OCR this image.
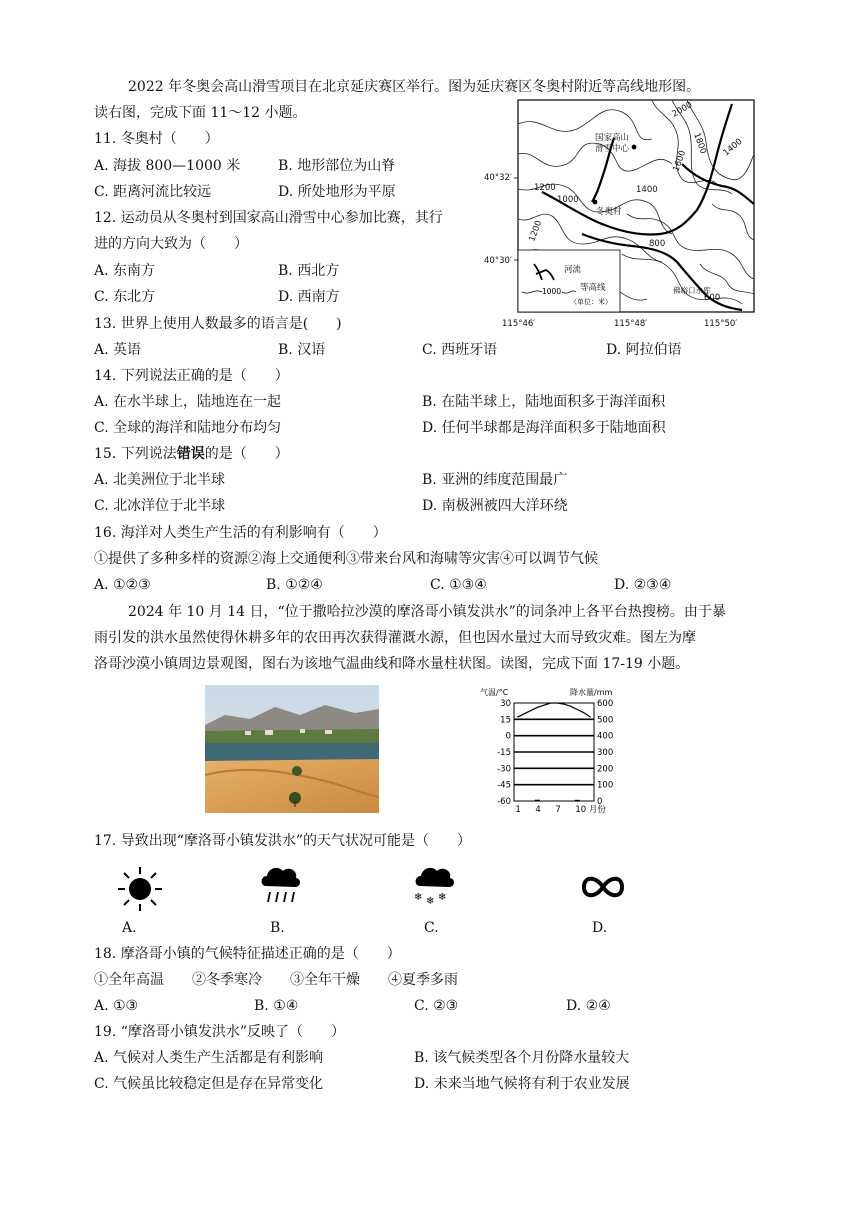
2022 年冬奥会高山滑雪项目在北京延庆赛区举行。图为延庆赛区冬奥村附近等高线地形图。
读右图，完成下面 11～12 小题。
11. 冬奥村（　　）
A. 海拔 800—1000 米	B. 地形部位为山脊
C. 距离河流比较远	D. 所处地形为平原
12. 运动员从冬奥村到国家高山滑雪中心参加比赛，其行
进的方向大致为（　　）
A. 东南方	B. 西北方
C. 东北方	D. 西南方
国家高山
滑雪中心
冬奥村
2000
1800
1600
1400
1200
1000
1200
1400
800
600
佛峪口水库
河流
1000 等高线
（单位：米）
40°32′
40°30′
115°46′	115°48′	115°50′
13. 世界上使用人数最多的语言是(　　)
A. 英语	B. 汉语	C. 西班牙语	D. 阿拉伯语
14. 下列说法正确的是（　　）
A. 在水半球上，陆地连在一起	B. 在陆半球上，陆地面积多于海洋面积
C. 全球的海洋和陆地分布均匀	D. 任何半球都是海洋面积多于陆地面积
15. 下列说法错误的是（　　）
A. 北美洲位于北半球	B. 亚洲的纬度范围最广
C. 北冰洋位于北半球	D. 南极洲被四大洋环绕
16. 海洋对人类生产生活的有利影响有（　　）
①提供了多种多样的资源②海上交通便利③带来台风和海啸等灾害④可以调节气候
A. ①②③	B. ①②④	C. ①③④	D. ②③④
2024 年 10 月 14 日，“位于撒哈拉沙漠的摩洛哥小镇发洪水”的词条冲上各平台热搜榜。由于暴
雨引发的洪水虽然使得休耕多年的农田再次获得灌溉水源，但也因水量过大而导致灾难。图左为摩
洛哥沙漠小镇周边景观图，图右为该地气温曲线和降水量柱状图。读图，完成下面 17-19 小题。
气温/°C	降水量/mm
30	600
15	500
0	400
-15	300
-30	200
-45	100
-60	0
1 4 7 10 月份
17. 导致出现“摩洛哥小镇发洪水”的天气状况可能是（　　）
❄ ❄ ❄
A.	B.	C.	D.
18. 摩洛哥小镇的气候特征描述正确的是（　　）
①全年高温　　②冬季寒冷　　③全年干燥　　④夏季多雨
A. ①③	B. ①④	C. ②③	D. ②④
19. “摩洛哥小镇发洪水”反映了（　　）
A. 气候对人类生产生活都是有利影响	B. 该气候类型各个月份降水量较大
C. 气候虽比较稳定但是存在异常变化	D. 未来当地气候将有利于农业发展
